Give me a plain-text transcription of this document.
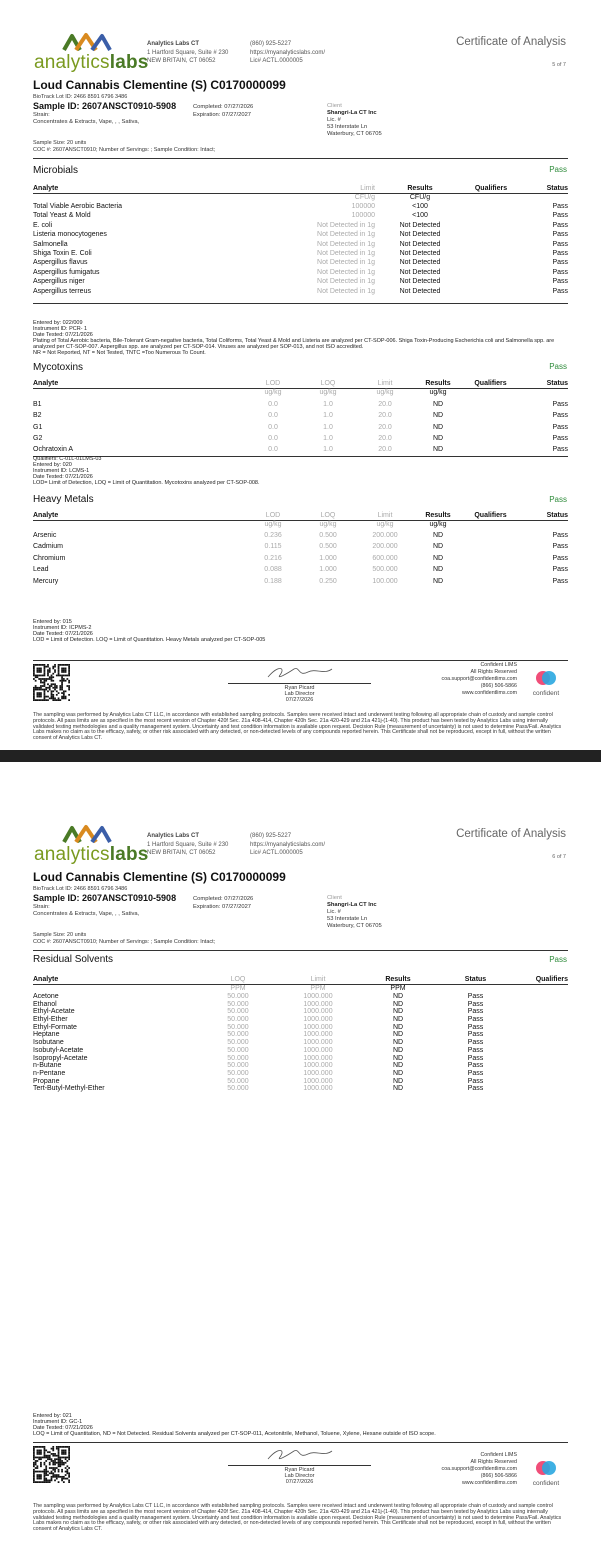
analyticslabs
Analytics Labs CT
1 Hartford Square, Suite # 230
NEW BRITAIN, CT 06052
(860) 925-5227
https://myanalyticslabs.com/
Lic# ACTL.0000005
Certificate of Analysis
5 of 7
Loud Cannabis Clementine (S) C0170000099
BioTrack Lot ID: 2466 8591 6796 3486
Sample ID: 2607ANSCT0910-5908	Completed: 07/27/2026
Expiration: 07/27/2027
Strain:
Concentrates & Extracts, Vape, , , Sativa,
Client
Shangri-La CT Inc
Lic. #
53 Interstate Ln
Waterbury, CT 06705
Sample Size: 20 units
COC #: 2607ANSCT0910; Number of Servings: ; Sample Condition: Intact;
Microbials	Pass
Analyte	Limit	Results	Qualifiers	Status
CFU/g	CFU/g
Total Viable Aerobic Bacteria	100000	<100	Pass
Total Yeast & Mold	100000	<100	Pass
E. coli	Not Detected in 1g	Not Detected	Pass
Listeria monocytogenes	Not Detected in 1g	Not Detected	Pass
Salmonella	Not Detected in 1g	Not Detected	Pass
Shiga Toxin E. Coli	Not Detected in 1g	Not Detected	Pass
Aspergillus flavus	Not Detected in 1g	Not Detected	Pass
Aspergillus fumigatus	Not Detected in 1g	Not Detected	Pass
Aspergillus niger	Not Detected in 1g	Not Detected	Pass
Aspergillus terreus	Not Detected in 1g	Not Detected	Pass
Entered by: 022/009
Instrument ID: PCR- 1
Date Tested: 07/21/2026
Plating of Total Aerobic bacteria, Bile-Tolerant Gram-negative bacteria, Total Coliforms, Total Yeast & Mold and Listeria are analyzed per CT-SOP-006. Shiga Toxin-Producing Escherichia coli and Salmonella spp. are analyzed per CT-SOP-007. Aspergillus spp. are analyzed per CT-SOP-014. Viruses are analyzed per SOP-013, and not ISO accredited.
NR = Not Reported, NT = Not Tested, TNTC =Too Numerous To Count.
Mycotoxins	Pass
Analyte	LOD	LOQ	Limit	Results	Qualifiers	Status
ug/kg	ug/kg	ug/kg	ug/kg
B1	0.0	1.0	20.0	ND	Pass
B2	0.0	1.0	20.0	ND	Pass
G1	0.0	1.0	20.0	ND	Pass
G2	0.0	1.0	20.0	ND	Pass
Ochratoxin A	0.0	1.0	20.0	ND	Pass
Qualifiers: C-01L-01LMS-03
Entered by: 020
Instrument ID: LCMS-1
Date Tested: 07/21/2026
LOD= Limit of Detection, LOQ = Limit of Quantitation. Mycotoxins analyzed per CT-SOP-008.
Heavy Metals	Pass
Analyte	LOD	LOQ	Limit	Results	Qualifiers	Status
ug/kg	ug/kg	ug/kg	ug/kg
Arsenic	0.236	0.500	200.000	ND	Pass
Cadmium	0.115	0.500	200.000	ND	Pass
Chromium	0.216	1.000	600.000	ND	Pass
Lead	0.088	1.000	500.000	ND	Pass
Mercury	0.188	0.250	100.000	ND	Pass
Entered by: 015
Instrument ID: ICPMS-2
Date Tested: 07/21/2026
LOD = Limit of Detection. LOQ = Limit of Quantitation. Heavy Metals analyzed per CT-SOP-005
Ryan Picard
Lab Director
07/27/2026
Confident LIMS
All Rights Reserved
coa.support@confidentlims.com
(866) 506-5866
www.confidentlims.com	confident
The sampling was performed by Analytics Labs CT LLC, in accordance with established sampling protocols. Samples were received intact and underwent testing following all appropriate chain of custody and sample control protocols. All pass limits are as specified in the most recent version of Chapter 420f Sec. 21a 408-414, Chapter 420h Sec. 21a 420-429 and 21a 421j-(1-40). This product has been tested by Analytics Labs using internally validated testing methodologies and a quality management system. Uncertainty and test condition information is available upon request. Decision Rule (measurement of uncertainty) is not used to determine Pass/Fail. Analytics Labs makes no claim as to the efficacy, safety, or other risk associated with any detected, or non-detected levels of any compounds reported herein. This Certificate shall not be reproduced, except in full, without the written consent of Analytics Labs CT.
analyticslabs
Analytics Labs CT
1 Hartford Square, Suite # 230
NEW BRITAIN, CT 06052
(860) 925-5227
https://myanalyticslabs.com/
Lic# ACTL.0000005
Certificate of Analysis
6 of 7
Loud Cannabis Clementine (S) C0170000099
BioTrack Lot ID: 2466 8591 6796 3486
Sample ID: 2607ANSCT0910-5908	Completed: 07/27/2026
Expiration: 07/27/2027
Strain:
Concentrates & Extracts, Vape, , , Sativa,
Client
Shangri-La CT Inc
Lic. #
53 Interstate Ln
Waterbury, CT 06705
Sample Size: 20 units
COC #: 2607ANSCT0910; Number of Servings: ; Sample Condition: Intact;
Residual Solvents	Pass
Analyte	LOQ	Limit	Results	Status	Qualifiers
PPM	PPM	PPM
Acetone	50.000	1000.000	ND	Pass
Ethanol	50.000	1000.000	ND	Pass
Ethyl-Acetate	50.000	1000.000	ND	Pass
Ethyl-Ether	50.000	1000.000	ND	Pass
Ethyl-Formate	50.000	1000.000	ND	Pass
Heptane	50.000	1000.000	ND	Pass
Isobutane	50.000	1000.000	ND	Pass
Isobutyl-Acetate	50.000	1000.000	ND	Pass
Isopropyl-Acetate	50.000	1000.000	ND	Pass
n-Butane	50.000	1000.000	ND	Pass
n-Pentane	50.000	1000.000	ND	Pass
Propane	50.000	1000.000	ND	Pass
Tert-Butyl-Methyl-Ether	50.000	1000.000	ND	Pass
Entered by: 021
Instrument ID: GC-1
Date Tested: 07/21/2026
LOQ = Limit of Quantitation, ND = Not Detected. Residual Solvents analyzed per CT-SOP-011, Acetonitrile, Methanol, Toluene, Xylene, Hexane outside of ISO scope.
Ryan Picard
Lab Director
07/27/2026
Confident LIMS
All Rights Reserved
coa.support@confidentlims.com
(866) 506-5866
www.confidentlims.com	confident
The sampling was performed by Analytics Labs CT LLC, in accordance with established sampling protocols. Samples were received intact and underwent testing following all appropriate chain of custody and sample control protocols. All pass limits are as specified in the most recent version of Chapter 420f Sec. 21a 408-414, Chapter 420h Sec. 21a 420-429 and 21a 421j-(1-40). This product has been tested by Analytics Labs using internally validated testing methodologies and a quality management system. Uncertainty and test condition information is available upon request. Decision Rule (measurement of uncertainty) is not used to determine Pass/Fail. Analytics Labs makes no claim as to the efficacy, safety, or other risk associated with any detected, or non-detected levels of any compounds reported herein. This Certificate shall not be reproduced, except in full, without the written consent of Analytics Labs CT.
